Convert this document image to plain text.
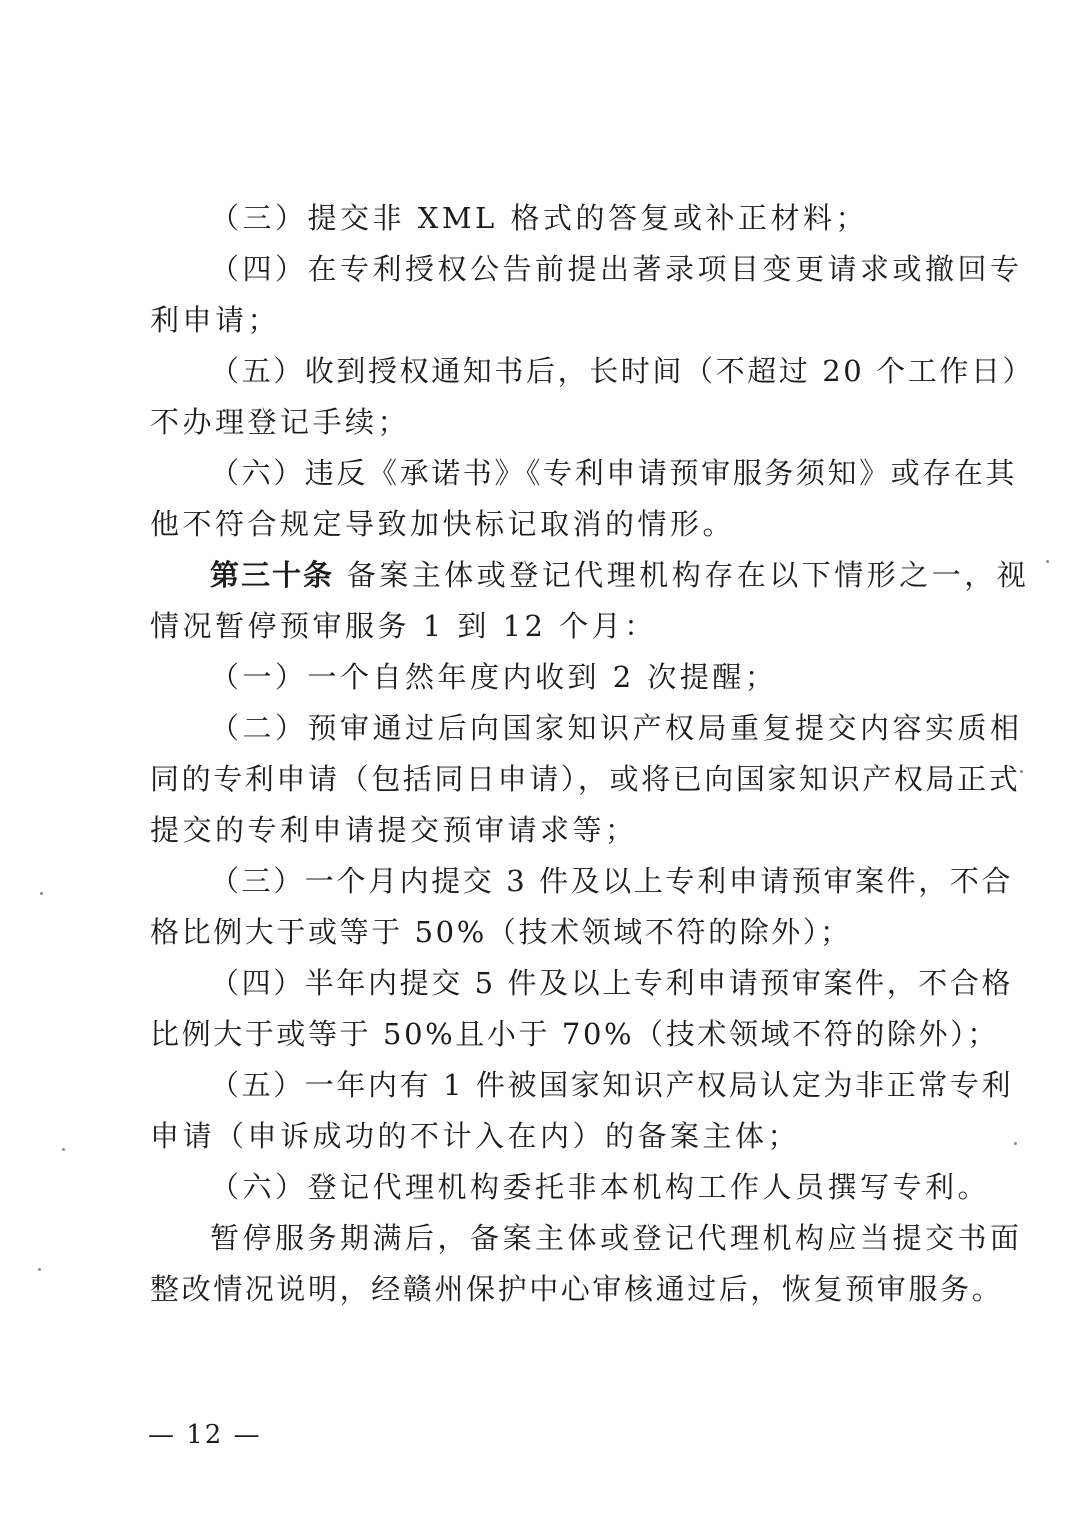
（三）提交非 XML 格式的答复或补正材料；
（四）在专利授权公告前提出著录项目变更请求或撤回专
利申请；
（五）收到授权通知书后，长时间（不超过 20 个工作日）
不办理登记手续；
（六）违反《承诺书》《专利申请预审服务须知》或存在其
他不符合规定导致加快标记取消的情形。
第三十条 备案主体或登记代理机构存在以下情形之一，视
情况暂停预审服务 1 到 12 个月：
（一）一个自然年度内收到 2 次提醒；
（二）预审通过后向国家知识产权局重复提交内容实质相
同的专利申请（包括同日申请），或将已向国家知识产权局正式
提交的专利申请提交预审请求等；
（三）一个月内提交 3 件及以上专利申请预审案件，不合
格比例大于或等于 50%（技术领域不符的除外）；
（四）半年内提交 5 件及以上专利申请预审案件，不合格
比例大于或等于 50%且小于 70%（技术领域不符的除外）；
（五）一年内有 1 件被国家知识产权局认定为非正常专利
申请（申诉成功的不计入在内）的备案主体；
（六）登记代理机构委托非本机构工作人员撰写专利。
暂停服务期满后，备案主体或登记代理机构应当提交书面
整改情况说明，经赣州保护中心审核通过后，恢复预审服务。
— 12 —
